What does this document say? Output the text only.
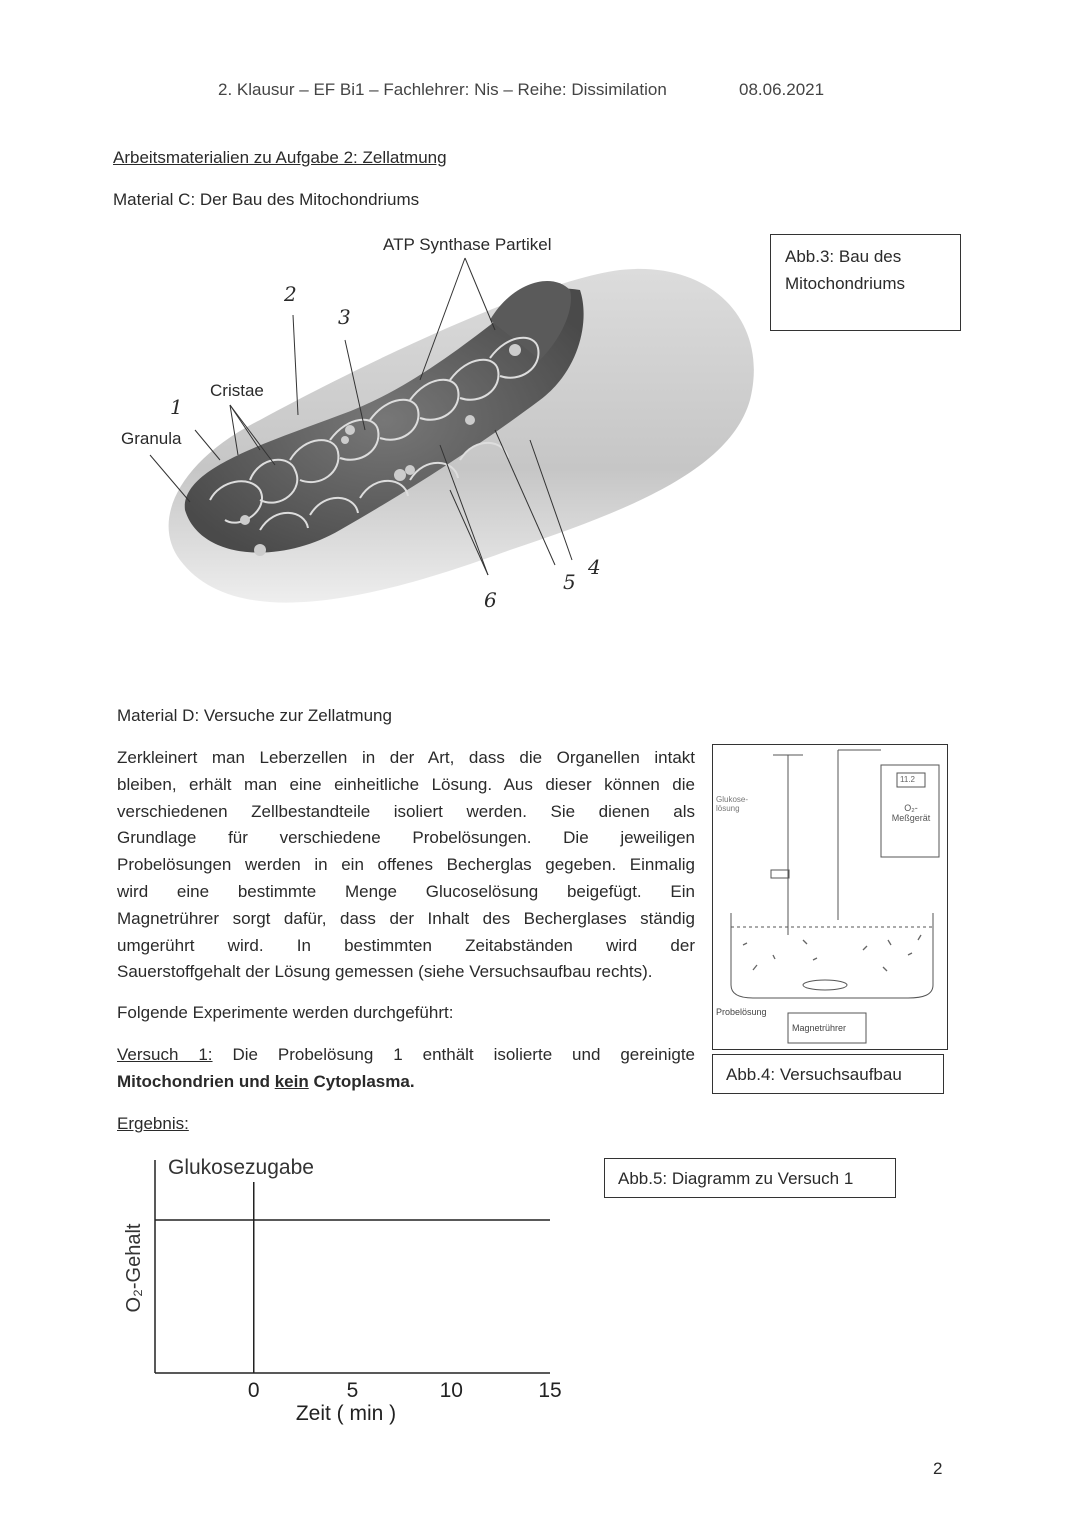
2. Klausur – EF Bi1 – Fachlehrer: Nis – Reihe: Dissimilation	08.06.2021
Arbeitsmaterialien zu Aufgabe 2: Zellatmung
Material C: Der Bau des Mitochondriums
ATP Synthase Partikel
Cristae
Granula
1
2
3
4
5
6
Abb.3: Bau des
Mitochondriums
Material D: Versuche zur Zellatmung
Zerkleinert man Leberzellen in der Art, dass die Organellen intakt
bleiben, erhält man eine einheitliche Lösung. Aus dieser können die
verschiedenen Zellbestandteile isoliert werden. Sie dienen als
Grundlage für verschiedene Probelösungen. Die jeweiligen
Probelösungen werden in ein offenes Becherglas gegeben. Einmalig
wird eine bestimmte Menge Glucoselösung beigefügt. Ein
Magnetrührer sorgt dafür, dass der Inhalt des Becherglases ständig
umgerührt wird. In bestimmten Zeitabständen wird der
Sauerstoffgehalt der Lösung gemessen (siehe Versuchsaufbau rechts).
Folgende Experimente werden durchgeführt:
Versuch 1: Die Probelösung 1 enthält isolierte und gereinigte
Mitochondrien und kein Cytoplasma.
Ergebnis:
Glukose-
lösung
11.2
O₂-
Meßgerät
Probelösung
Magnetrührer
Abb.4: Versuchsaufbau
0	5	10	15
Glukosezugabe
Zeit ( min )
O₂-Gehalt
Abb.5: Diagramm zu Versuch 1
2
